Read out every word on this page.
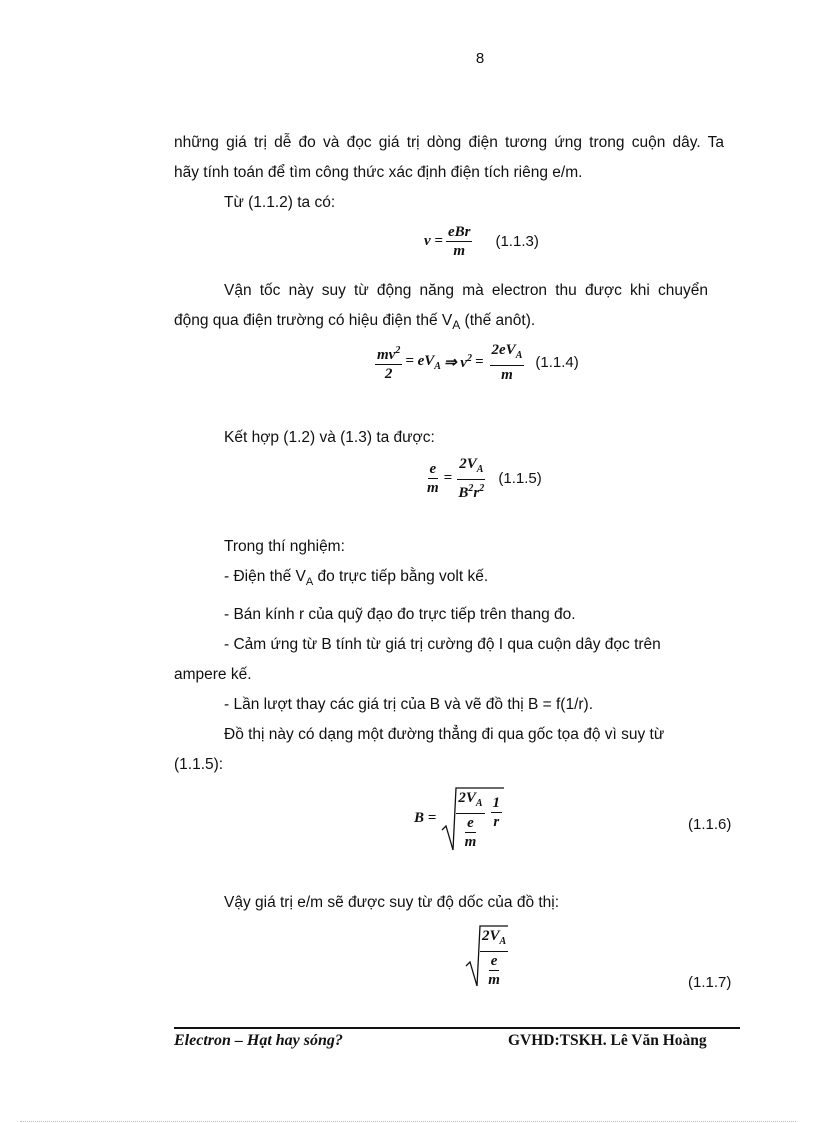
8
những giá trị dễ đo và đọc giá trị dòng điện tương ứng trong cuộn dây. Ta
hãy tính toán để tìm công thức xác định điện tích riêng e/m.
Từ (1.1.2) ta có:
$v = \frac{\text{eBr}}{m} (1.1.3)$
Vận tốc này suy từ động năng mà electron thu được khi chuyển
động qua điện trường có hiệu điện thế $V_A$ (thế anôt).
$\frac{mv^2}{2} = eV_A$ ⇒ $v^2 = \frac{2eV_A}{m} (1.1.4)$
Kết hợp (1.2) và (1.3) ta được:
$\frac{e}{m} = \frac{2V_A}{B^2r^2} (1.1.5)$
Trong thí nghiệm:
- Điện thế $V_A$ đo trực tiếp bằng volt kế.
- Bán kính r của quỹ đạo đo trực tiếp trên thang đo.
- Cảm ứng từ B tính từ giá trị cường độ I qua cuộn dây đọc trên
ampere kế.
- Lần lượt thay các giá trị của B và vẽ đồ thị B = f(1/r).
Đồ thị này có dạng một đường thẳng đi qua gốc tọa độ vì suy từ
(1.1.5):
$B = \frac{2V_A}{\frac{e}{m}} \frac{1}{r}$	(1.1.6)
Vậy giá trị e/m sẽ được suy từ độ dốc của đồ thị:
$\frac{2V_A}{\frac{e}{m}}$	(1.1.7)
Electron – Hạt hay sóng?	GVHD:TSKH. Lê Văn Hoàng
